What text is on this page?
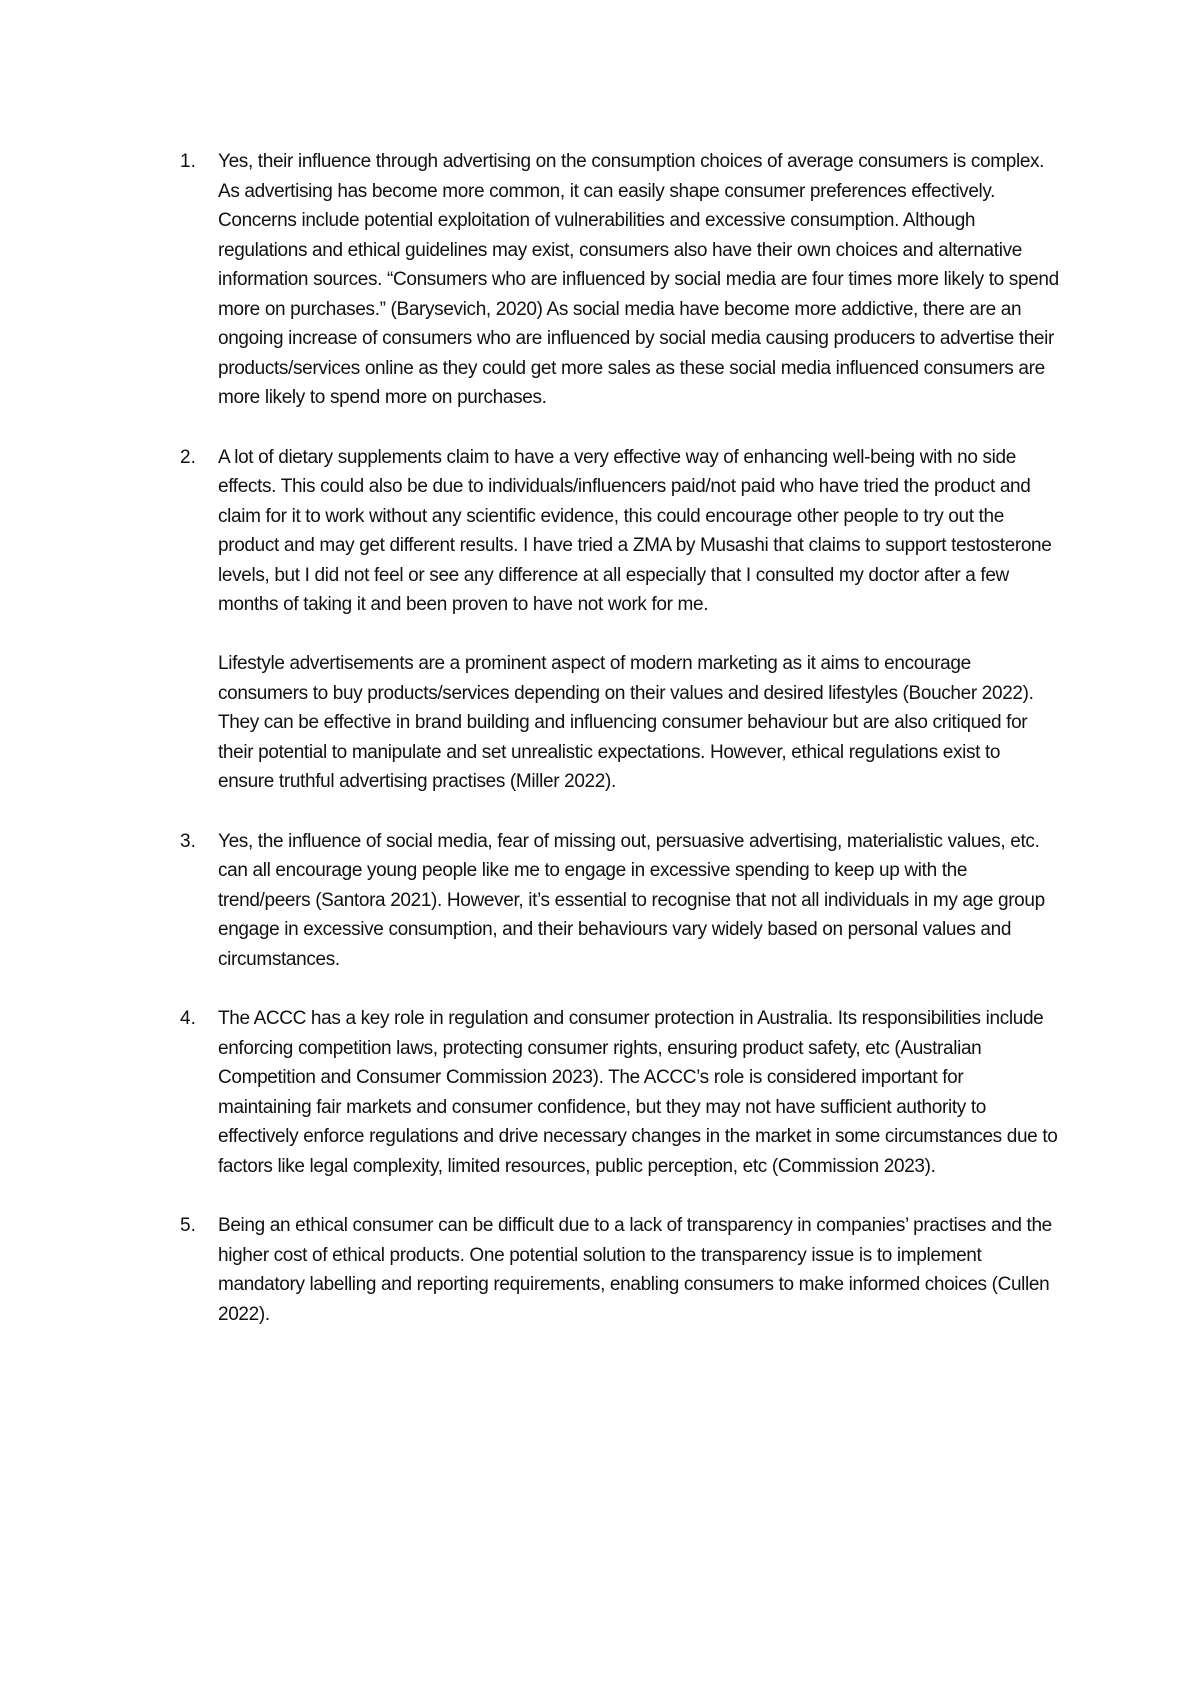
1.	Yes, their influence through advertising on the consumption choices of average consumers is complex. As advertising has become more common, it can easily shape consumer preferences effectively. Concerns include potential exploitation of vulnerabilities and excessive consumption. Although regulations and ethical guidelines may exist, consumers also have their own choices and alternative information sources. “Consumers who are influenced by social media are four times more likely to spend more on purchases.” (Barysevich, 2020) As social media have become more addictive, there are an ongoing increase of consumers who are influenced by social media causing producers to advertise their products/services online as they could get more sales as these social media influenced consumers are more likely to spend more on purchases.

2.	A lot of dietary supplements claim to have a very effective way of enhancing well-being with no side effects. This could also be due to individuals/influencers paid/not paid who have tried the product and claim for it to work without any scientific evidence, this could encourage other people to try out the product and may get different results. I have tried a ZMA by Musashi that claims to support testosterone levels, but I did not feel or see any difference at all especially that I consulted my doctor after a few months of taking it and been proven to have not work for me.

Lifestyle advertisements are a prominent aspect of modern marketing as it aims to encourage consumers to buy products/services depending on their values and desired lifestyles (Boucher 2022). They can be effective in brand building and influencing consumer behaviour but are also critiqued for their potential to manipulate and set unrealistic expectations. However, ethical regulations exist to ensure truthful advertising practises (Miller 2022).

3.	Yes, the influence of social media, fear of missing out, persuasive advertising, materialistic values, etc. can all encourage young people like me to engage in excessive spending to keep up with the trend/peers (Santora 2021). However, it’s essential to recognise that not all individuals in my age group engage in excessive consumption, and their behaviours vary widely based on personal values and circumstances.

4.	The ACCC has a key role in regulation and consumer protection in Australia. Its responsibilities include enforcing competition laws, protecting consumer rights, ensuring product safety, etc (Australian Competition and Consumer Commission 2023). The ACCC’s role is considered important for maintaining fair markets and consumer confidence, but they may not have sufficient authority to effectively enforce regulations and drive necessary changes in the market in some circumstances due to factors like legal complexity, limited resources, public perception, etc (Commission 2023).

5.	Being an ethical consumer can be difficult due to a lack of transparency in companies’ practises and the higher cost of ethical products. One potential solution to the transparency issue is to implement mandatory labelling and reporting requirements, enabling consumers to make informed choices (Cullen 2022).
